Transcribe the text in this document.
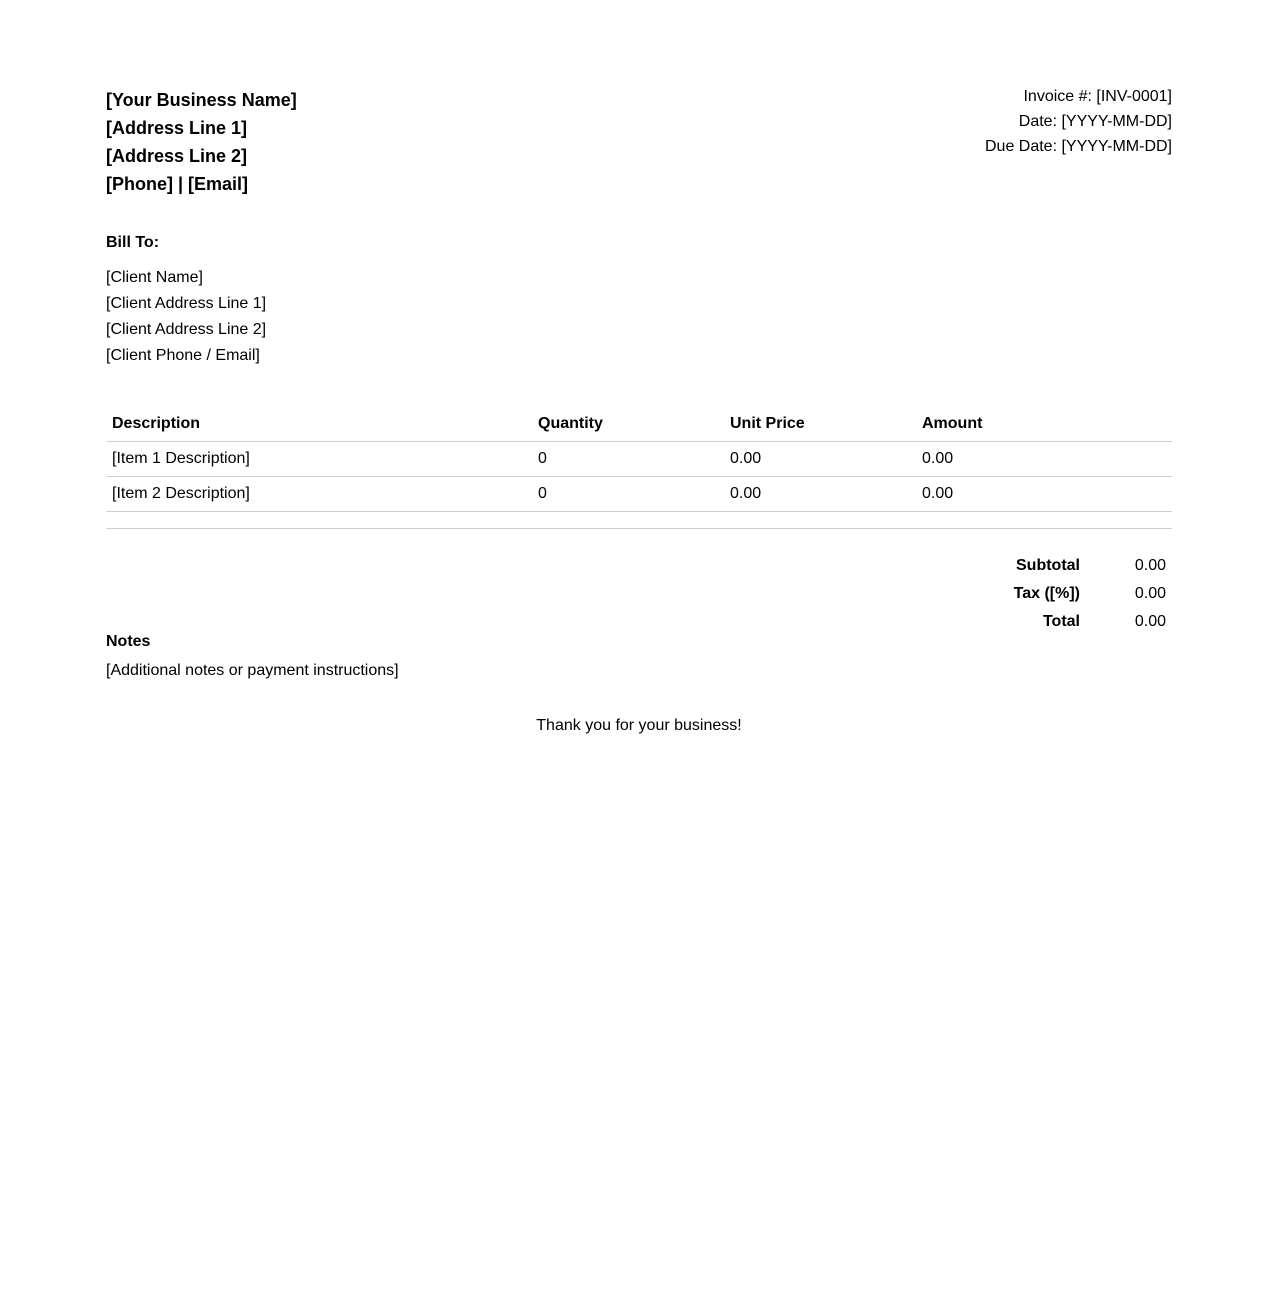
[Your Business Name]
[Address Line 1]
[Address Line 2]
[Phone] | [Email]
Invoice #: [INV-0001]
Date: [YYYY-MM-DD]
Due Date: [YYYY-MM-DD]
Bill To:
[Client Name]
[Client Address Line 1]
[Client Address Line 2]
[Client Phone / Email]
Description	Quantity	Unit Price	Amount
[Item 1 Description]	0	0.00	0.00
[Item 2 Description]	0	0.00	0.00
Subtotal	0.00
Tax ([%])	0.00
Total	0.00
Notes
[Additional notes or payment instructions]
Thank you for your business!
